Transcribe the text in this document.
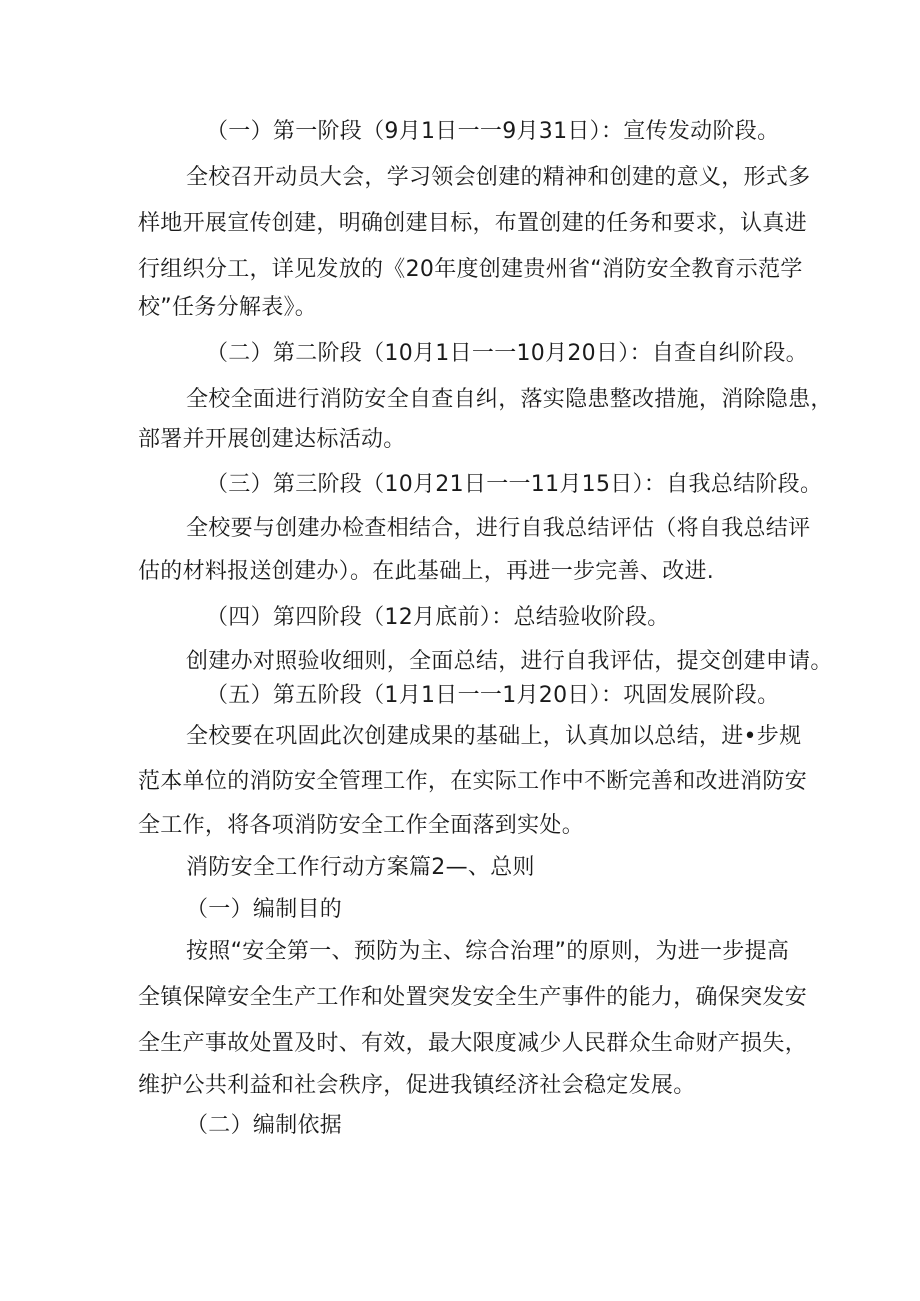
（一）第一阶段（9月1日一一9月31日）：宣传发动阶段。
全校召开动员大会，学习领会创建的精神和创建的意义，形式多
样地开展宣传创建，明确创建目标，布置创建的任务和要求，认真进
行组织分工，详见发放的《20年度创建贵州省“消防安全教育示范学
校”任务分解表》。
（二）第二阶段（10月1日一一10月20日）：自查自纠阶段。
全校全面进行消防安全自查自纠，落实隐患整改措施，消除隐患，
部署并开展创建达标活动。
（三）第三阶段（10月21日一一11月15日）：自我总结阶段。
全校要与创建办检查相结合，进行自我总结评估（将自我总结评
估的材料报送创建办）。在此基础上，再进一步完善、改进.
（四）第四阶段（12月底前）：总结验收阶段。
创建办对照验收细则，全面总结，进行自我评估，提交创建申请。
（五）第五阶段（1月1日一一1月20日）：巩固发展阶段。
全校要在巩固此次创建成果的基础上，认真加以总结，进•步规
范本单位的消防安全管理工作，在实际工作中不断完善和改进消防安
全工作，将各项消防安全工作全面落到实处。
消防安全工作行动方案篇2—、总则
（一）编制目的
按照“安全第一、预防为主、综合治理”的原则，为进一步提高
全镇保障安全生产工作和处置突发安全生产事件的能力，确保突发安
全生产事故处置及时、有效，最大限度减少人民群众生命财产损失，
维护公共利益和社会秩序，促进我镇经济社会稳定发展。
（二）编制依据
